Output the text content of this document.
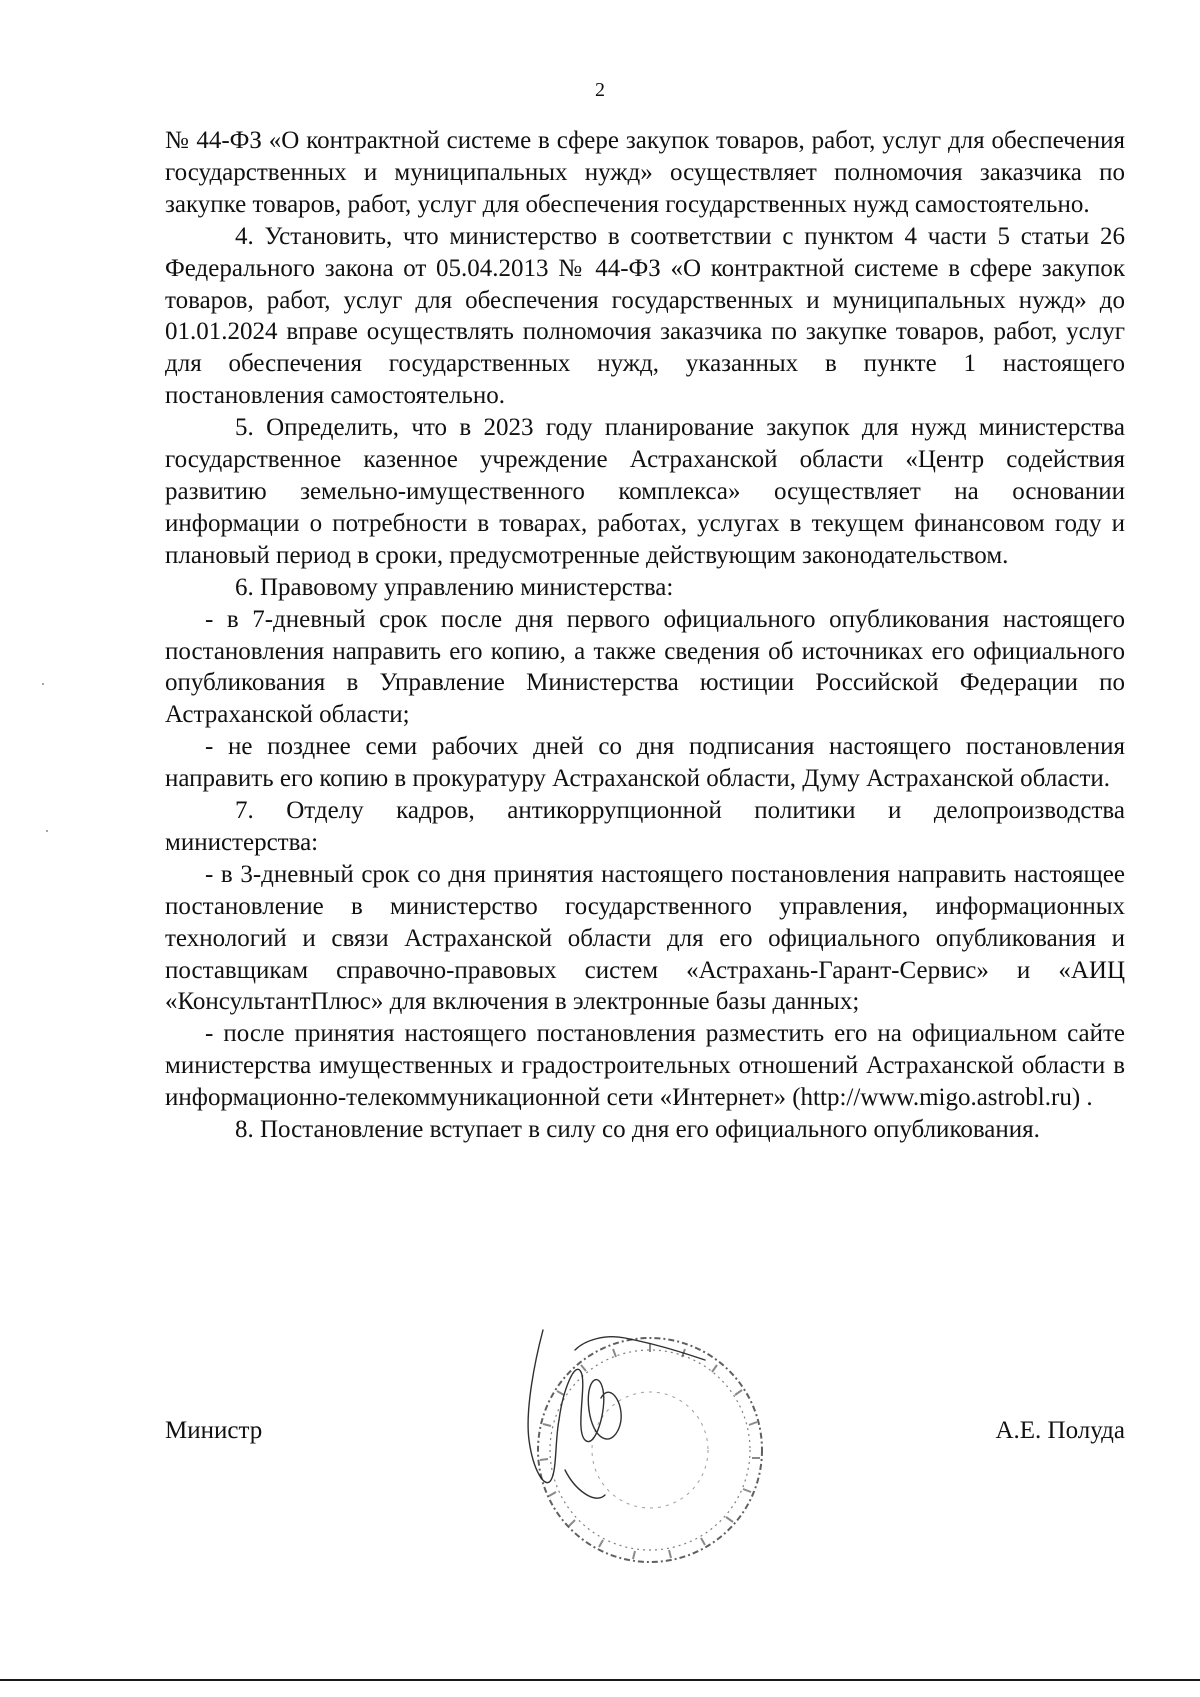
2

№ 44-ФЗ «О контрактной системе в сфере закупок товаров, работ, услуг для обеспечения государственных и муниципальных нужд» осуществляет полномочия заказчика по закупке товаров, работ, услуг для обеспечения государственных нужд самостоятельно.

4. Установить, что министерство в соответствии с пунктом 4 части 5 статьи 26 Федерального закона от 05.04.2013 № 44-ФЗ «О контрактной системе в сфере закупок товаров, работ, услуг для обеспечения государственных и муниципальных нужд» до 01.01.2024 вправе осуществлять полномочия заказчика по закупке товаров, работ, услуг для обеспечения государственных нужд, указанных в пункте 1 настоящего постановления самостоятельно.

5. Определить, что в 2023 году планирование закупок для нужд министерства государственное казенное учреждение Астраханской области «Центр содействия развитию земельно-имущественного комплекса» осуществляет на основании информации о потребности в товарах, работах, услугах в текущем финансовом году и плановый период в сроки, предусмотренные действующим законодательством.

6. Правовому управлению министерства:

- в 7-дневный срок после дня первого официального опубликования настоящего постановления направить его копию, а также сведения об источниках его официального опубликования в Управление Министерства юстиции Российской Федерации по Астраханской области;

- не позднее семи рабочих дней со дня подписания настоящего постановления направить его копию в прокуратуру Астраханской области, Думу Астраханской области.

7. Отделу кадров, антикоррупционной политики и делопроизводства министерства:

- в 3-дневный срок со дня принятия настоящего постановления направить настоящее постановление в министерство государственного управления, информационных технологий и связи Астраханской области для его официального опубликования и поставщикам справочно-правовых систем «Астрахань-Гарант-Сервис» и «АИЦ «КонсультантПлюс» для включения в электронные базы данных;

- после принятия настоящего постановления разместить его на официальном сайте министерства имущественных и градостроительных отношений Астраханской области в информационно-телекоммуникационной сети «Интернет» (http://www.migo.astrobl.ru) .

8. Постановление вступает в силу со дня его официального опубликования.

Министр	А.Е. Полуда
